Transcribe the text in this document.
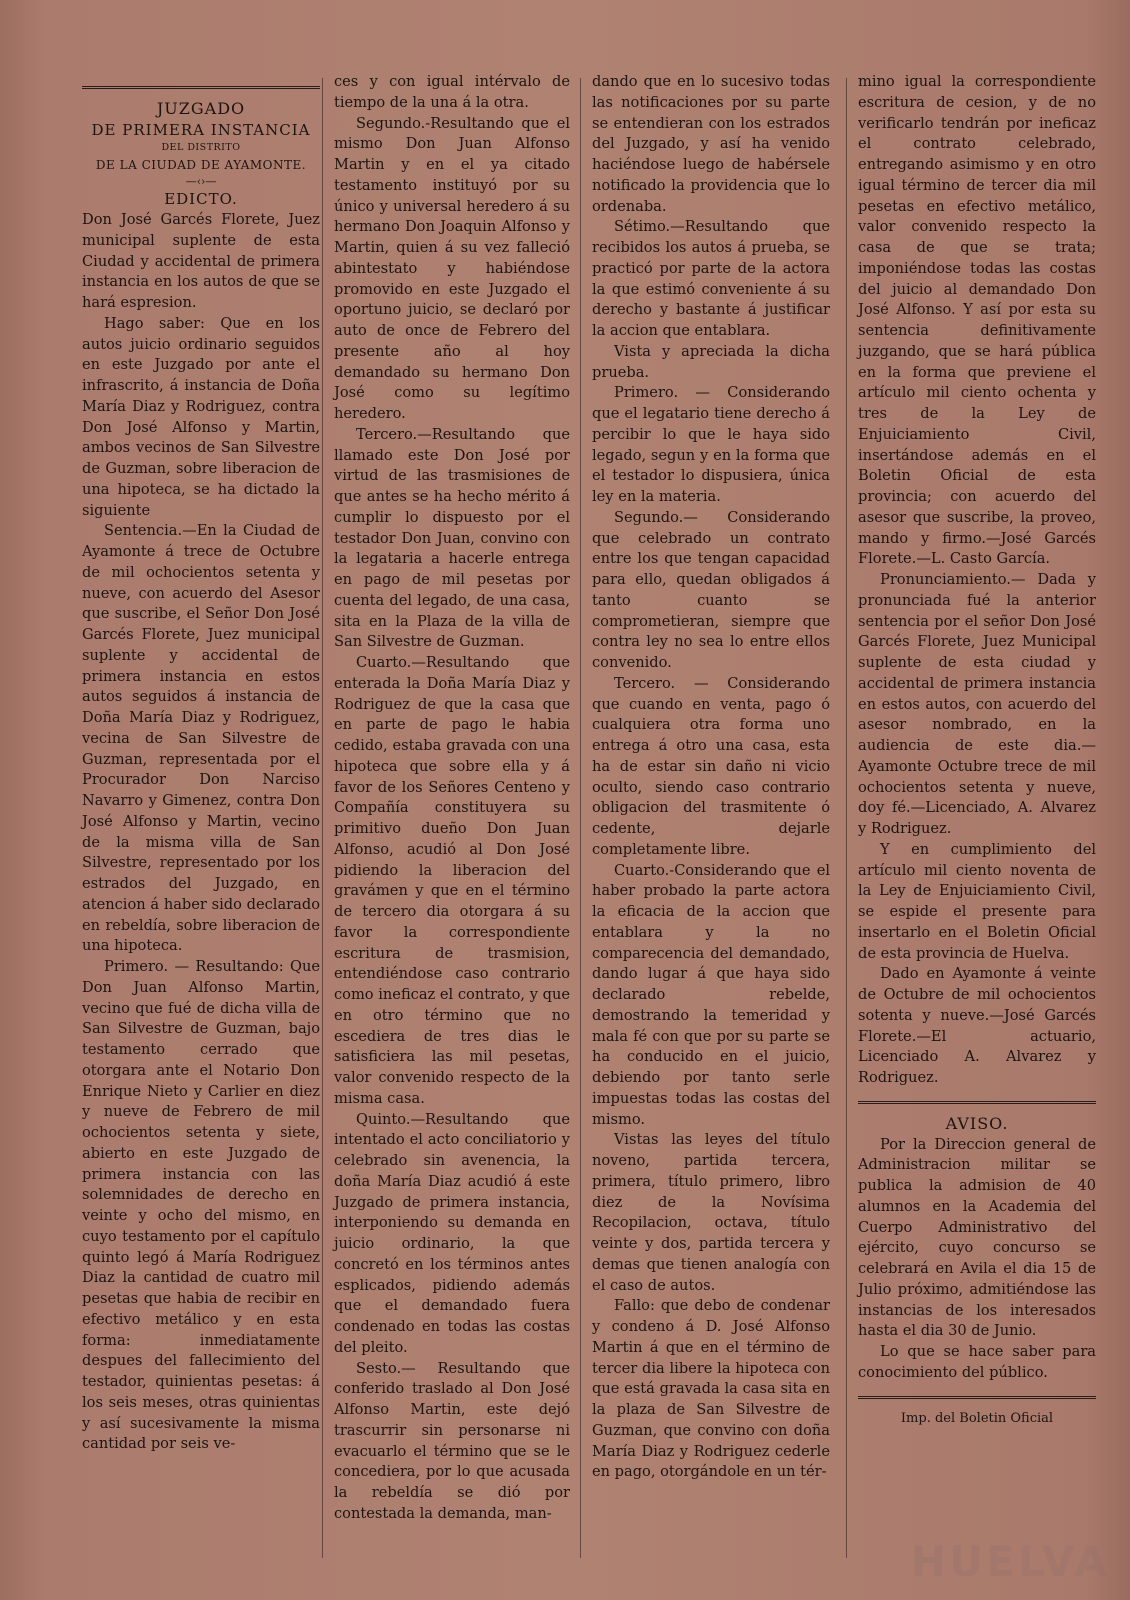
JUZGADO

DE PRIMERA INSTANCIA

DEL DISTRITO

DE LA CIUDAD DE AYAMONTE.

—‹›—

EDICTO.

Don José Garcés Florete, Juez municipal suplente de esta Ciudad y accidental de primera instancia en los autos de que se hará espresion.

Hago saber: Que en los autos juicio ordinario seguidos en este Juzgado por ante el infrascrito, á instancia de Doña María Diaz y Rodriguez, contra Don José Alfonso y Martin, ambos vecinos de San Silvestre de Guzman, sobre liberacion de una hipoteca, se ha dictado la siguiente

Sentencia.—En la Ciudad de Ayamonte á trece de Octubre de mil ochocientos setenta y nueve, con acuerdo del Asesor que suscribe, el Señor Don José Garcés Florete, Juez municipal suplente y accidental de primera instancia en estos autos seguidos á instancia de Doña María Diaz y Rodriguez, vecina de San Silvestre de Guzman, representada por el Procurador Don Narciso Navarro y Gimenez, contra Don José Alfonso y Martin, vecino de la misma villa de San Silvestre, representado por los estrados del Juzgado, en atencion á haber sido declarado en rebeldía, sobre liberacion de una hipoteca.

Primero. — Resultando: Que Don Juan Alfonso Martin, vecino que fué de dicha villa de San Silvestre de Guzman, bajo testamento cerrado que otorgara ante el Notario Don Enrique Nieto y Carlier en diez y nueve de Febrero de mil ochocientos setenta y siete, abierto en este Juzgado de primera instancia con las solemnidades de derecho en veinte y ocho del mismo, en cuyo testamento por el capítulo quinto legó á María Rodriguez Diaz la cantidad de cuatro mil pesetas que habia de recibir en efectivo metálico y en esta forma: inmediatamente despues del fallecimiento del testador, quinientas pesetas: á los seis meses, otras quinientas y así sucesivamente la misma cantidad por seis ve-

ces y con igual intérvalo de tiempo de la una á la otra.

Segundo.-Resultando que el mismo Don Juan Alfonso Martin y en el ya citado testamento instituyó por su único y universal heredero á su hermano Don Joaquin Alfonso y Martin, quien á su vez falleció abintestato y habiéndose promovido en este Juzgado el oportuno juicio, se declaró por auto de once de Febrero del presente año al hoy demandado su hermano Don José como su legítimo heredero.

Tercero.—Resultando que llamado este Don José por virtud de las trasmisiones de que antes se ha hecho mérito á cumplir lo dispuesto por el testador Don Juan, convino con la legataria a hacerle entrega en pago de mil pesetas por cuenta del legado, de una casa, sita en la Plaza de la villa de San Silvestre de Guzman.

Cuarto.—Resultando que enterada la Doña María Diaz y Rodriguez de que la casa que en parte de pago le habia cedido, estaba gravada con una hipoteca que sobre ella y á favor de los Señores Centeno y Compañía constituyera su primitivo dueño Don Juan Alfonso, acudió al Don José pidiendo la liberacion del gravámen y que en el término de tercero dia otorgara á su favor la correspondiente escritura de trasmision, entendiéndose caso contrario como ineficaz el contrato, y que en otro término que no escediera de tres dias le satisficiera las mil pesetas, valor convenido respecto de la misma casa.

Quinto.—Resultando que intentado el acto conciliatorio y celebrado sin avenencia, la doña María Diaz acudió á este Juzgado de primera instancia, interponiendo su demanda en juicio ordinario, la que concretó en los términos antes esplicados, pidiendo además que el demandado fuera condenado en todas las costas del pleito.

Sesto.— Resultando que conferido traslado al Don José Alfonso Martin, este dejó trascurrir sin personarse ni evacuarlo el término que se le concediera, por lo que acusada la rebeldía se dió por contestada la demanda, man-

dando que en lo sucesivo todas las notificaciones por su parte se entendieran con los estrados del Juzgado, y así ha venido haciéndose luego de habérsele notificado la providencia que lo ordenaba.

Sétimo.—Resultando que recibidos los autos á prueba, se practicó por parte de la actora la que estimó conveniente á su derecho y bastante á justificar la accion que entablara.

Vista y apreciada la dicha prueba.

Primero. — Considerando que el legatario tiene derecho á percibir lo que le haya sido legado, segun y en la forma que el testador lo dispusiera, única ley en la materia.

Segundo.— Considerando que celebrado un contrato entre los que tengan capacidad para ello, quedan obligados á tanto cuanto se comprometieran, siempre que contra ley no sea lo entre ellos convenido.

Tercero. — Considerando que cuando en venta, pago ó cualquiera otra forma uno entrega á otro una casa, esta ha de estar sin daño ni vicio oculto, siendo caso contrario obligacion del trasmitente ó cedente, dejarle completamente libre.

Cuarto.-Considerando que el haber probado la parte actora la eficacia de la accion que entablara y la no comparecencia del demandado, dando lugar á que haya sido declarado rebelde, demostrando la temeridad y mala fé con que por su parte se ha conducido en el juicio, debiendo por tanto serle impuestas todas las costas del mismo.

Vistas las leyes del título noveno, partida tercera, primera, título primero, libro diez de la Novísima Recopilacion, octava, título veinte y dos, partida tercera y demas que tienen analogía con el caso de autos.

Fallo: que debo de condenar y condeno á D. José Alfonso Martin á que en el término de tercer dia libere la hipoteca con que está gravada la casa sita en la plaza de San Silvestre de Guzman, que convino con doña María Diaz y Rodriguez cederle en pago, otorgándole en un tér-

mino igual la correspondiente escritura de cesion, y de no verificarlo tendrán por ineficaz el contrato celebrado, entregando asimismo y en otro igual término de tercer dia mil pesetas en efectivo metálico, valor convenido respecto la casa de que se trata; imponiéndose todas las costas del juicio al demandado Don José Alfonso. Y así por esta su sentencia definitivamente juzgando, que se hará pública en la forma que previene el artículo mil ciento ochenta y tres de la Ley de Enjuiciamiento Civil, insertándose además en el Boletin Oficial de esta provincia; con acuerdo del asesor que suscribe, la proveo, mando y firmo.—José Garcés Florete.—L. Casto García.

Pronunciamiento.— Dada y pronunciada fué la anterior sentencia por el señor Don José Garcés Florete, Juez Municipal suplente de esta ciudad y accidental de primera instancia en estos autos, con acuerdo del asesor nombrado, en la audiencia de este dia.—Ayamonte Octubre trece de mil ochocientos setenta y nueve, doy fé.—Licenciado, A. Alvarez y Rodriguez.

Y en cumplimiento del artículo mil ciento noventa de la Ley de Enjuiciamiento Civil, se espide el presente para insertarlo en el Boletin Oficial de esta provincia de Huelva.

Dado en Ayamonte á veinte de Octubre de mil ochocientos sotenta y nueve.—José Garcés Florete.—El actuario, Licenciado A. Alvarez y Rodriguez.

AVISO.

Por la Direccion general de Administracion militar se publica la admision de 40 alumnos en la Academia del Cuerpo Administrativo del ejército, cuyo concurso se celebrará en Avila el dia 15 de Julio próximo, admitiéndose las instancias de los interesados hasta el dia 30 de Junio.

Lo que se hace saber para conocimiento del público.

Imp. del Boletin Oficial
HUELVA
